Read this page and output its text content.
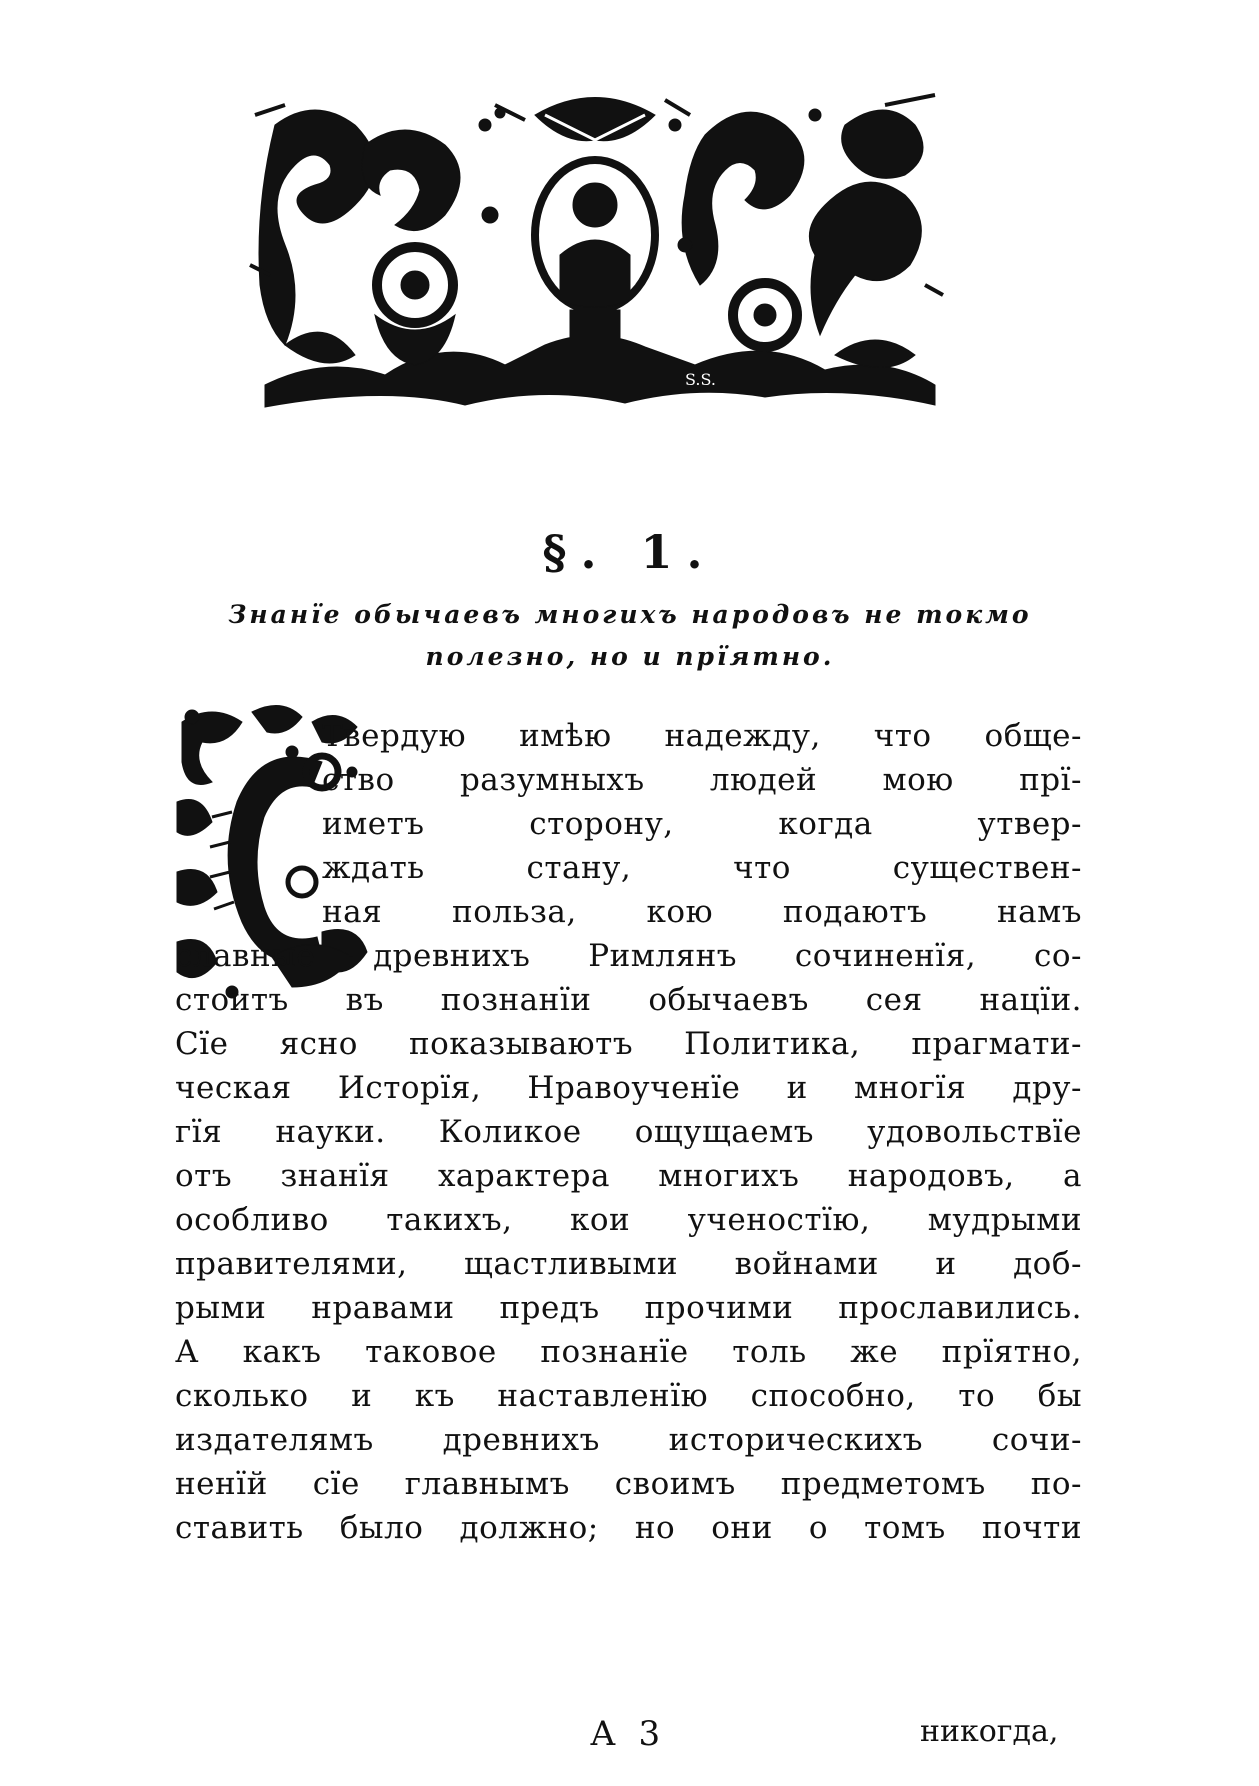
S.S.
§. 1.
Знанїе обычаевъ многихъ народовъ не токмо
полезно, но и прїятно.
Твердую имѣю надежду, что обще-
ство разумныхъ людей мою прї-
иметъ сторону, когда утвер-
ждать стану, что существен-
ная польза, кою подаютъ намъ
славные древнихъ Римлянъ сочиненїя, со-
стоитъ въ познанїи обычаевъ сея нацїи.
Сїе ясно показываютъ Политика, прагмати-
ческая Исторїя, Нравоученїе и многїя дру-
гїя науки. Коликое ощущаемъ удовольствїе
отъ знанїя характера многихъ народовъ, а
особливо такихъ, кои ученостїю, мудрыми
правителями, щастливыми войнами и доб-
рыми нравами предъ прочими прославились.
А какъ таковое познанїе толь же прїятно,
сколько и къ наставленїю способно, то бы
издателямъ древнихъ историческихъ сочи-
ненїй сїе главнымъ своимъ предметомъ по-
ставить было должно; но они о томъ почти
А 3	никогда,
